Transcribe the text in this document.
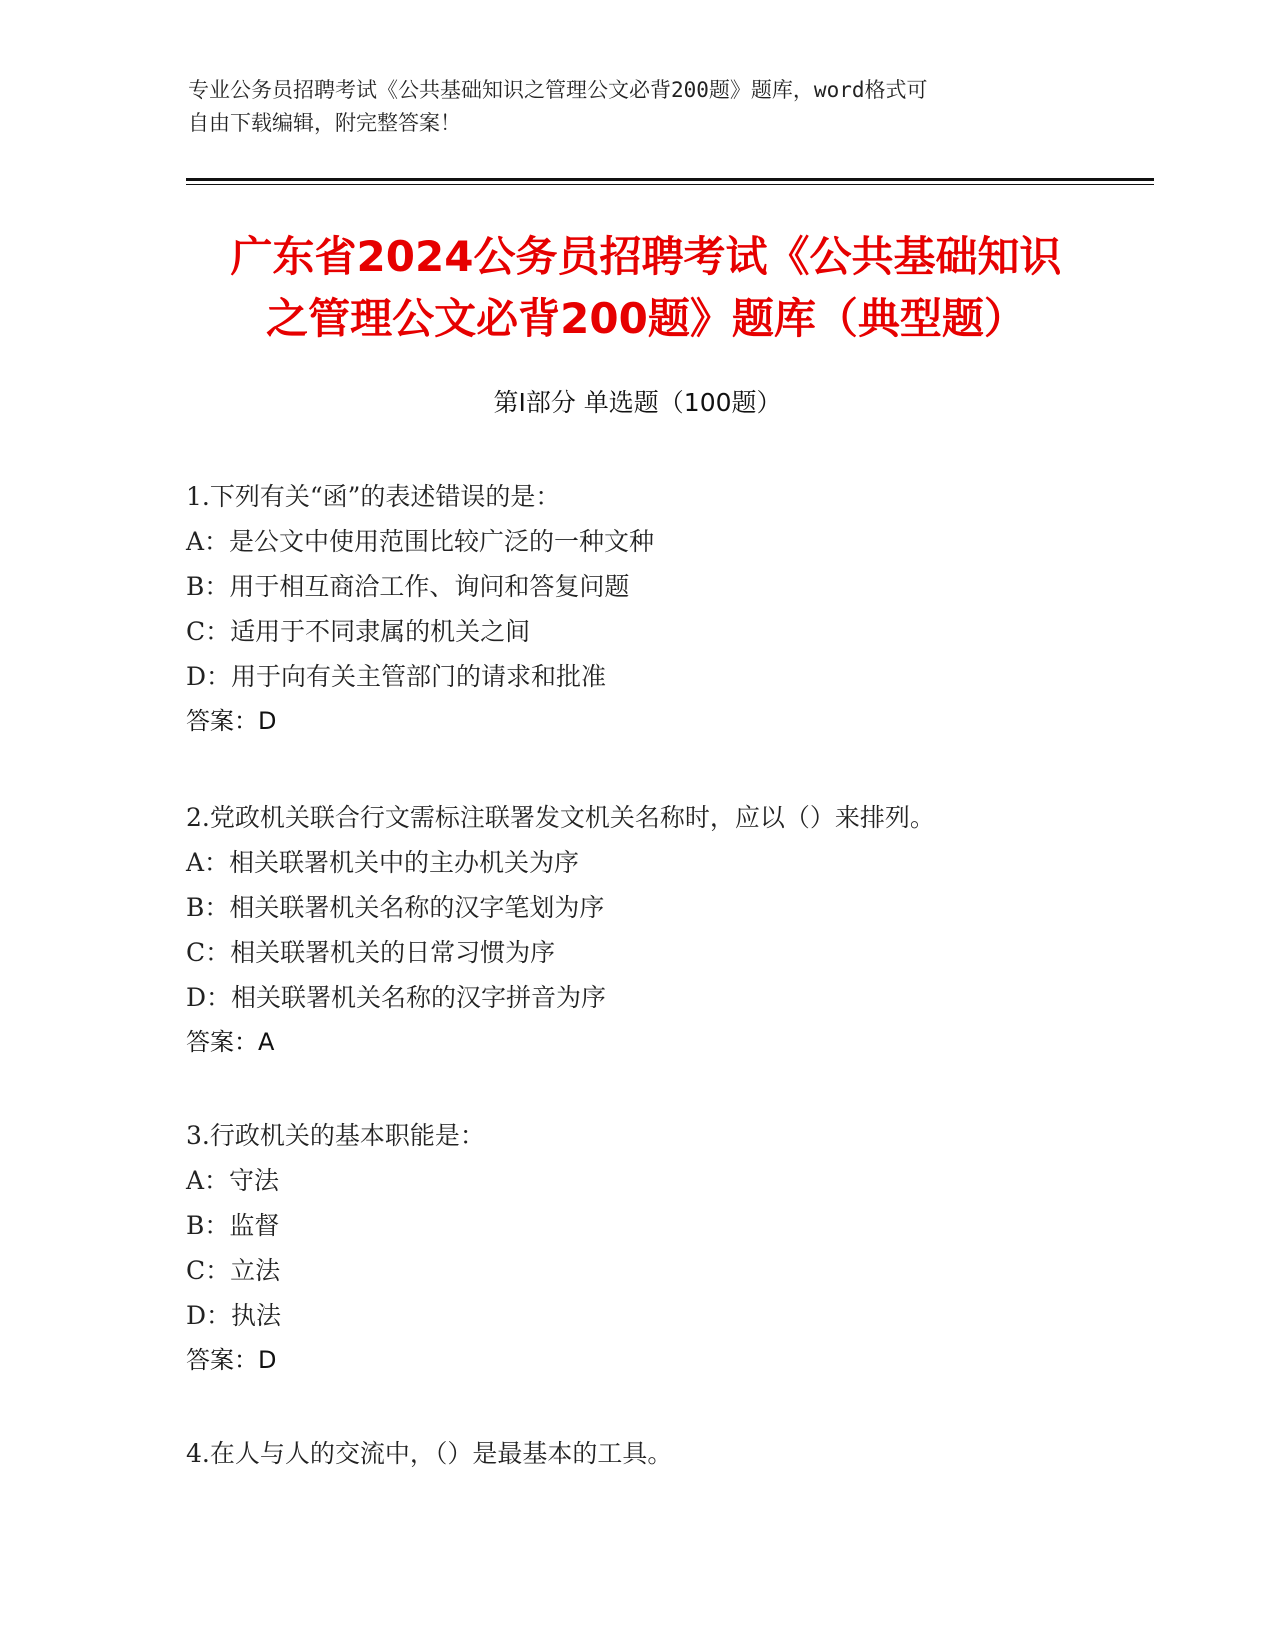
专业公务员招聘考试《公共基础知识之管理公文必背200题》题库，word格式可
自由下载编辑，附完整答案！
广东省2024公务员招聘考试《公共基础知识
之管理公文必背200题》题库（典型题）
第Ⅰ部分 单选题（100题）
1.下列有关“函”的表述错误的是：
A：是公文中使用范围比较广泛的一种文种
B：用于相互商洽工作、询问和答复问题
C：适用于不同隶属的机关之间
D：用于向有关主管部门的请求和批准
答案：D
2.党政机关联合行文需标注联署发文机关名称时，应以（）来排列。
A：相关联署机关中的主办机关为序
B：相关联署机关名称的汉字笔划为序
C：相关联署机关的日常习惯为序
D：相关联署机关名称的汉字拼音为序
答案：A
3.行政机关的基本职能是：
A：守法
B：监督
C：立法
D：执法
答案：D
4.在人与人的交流中，（）是最基本的工具。
